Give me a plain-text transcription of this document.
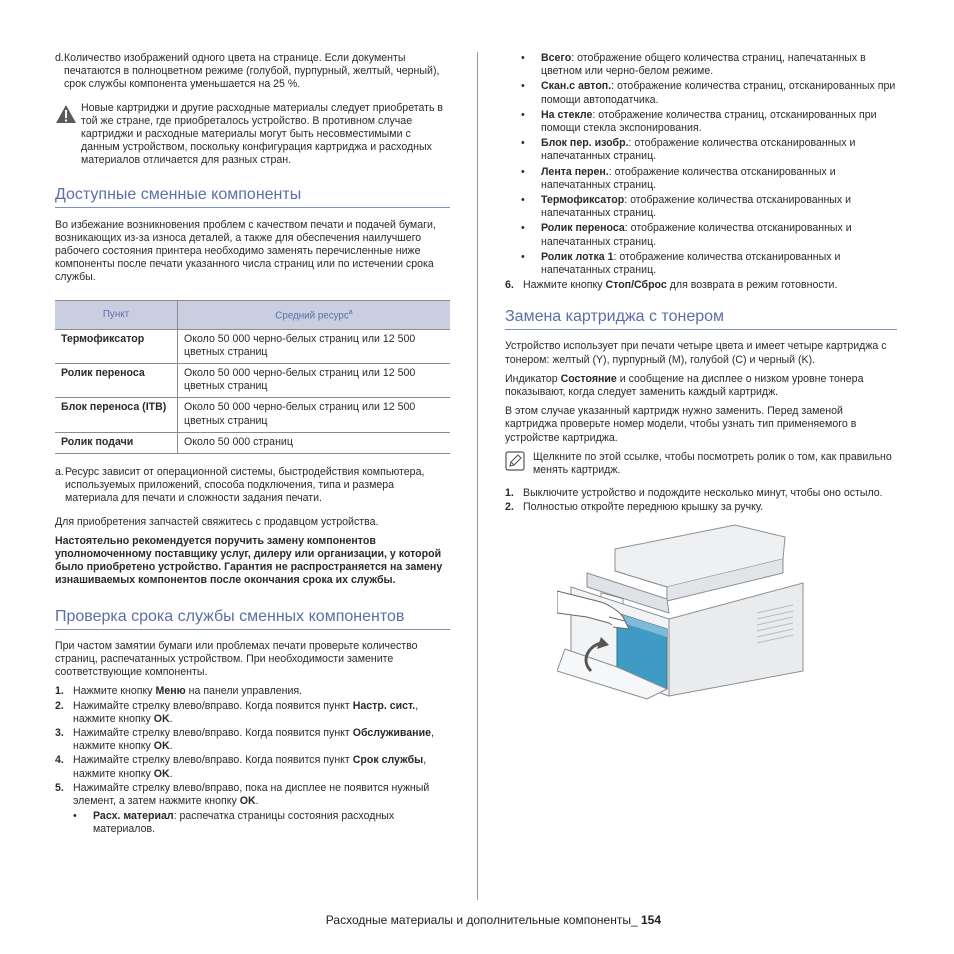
d. Количество изображений одного цвета на странице. Если документы печатаются в полноцветном режиме (голубой, пурпурный, желтый, черный), срок службы компонента уменьшается на 25 %.

Новые картриджи и другие расходные материалы следует приобретать в той же стране, где приобреталось устройство. В противном случае картриджи и расходные материалы могут быть несовместимыми с данным устройством, поскольку конфигурация картриджа и расходных материалов отличается для разных стран.

Доступные сменные компоненты

Во избежание возникновения проблем с качеством печати и подачей бумаги, возникающих из-за износа деталей, а также для обеспечения наилучшего рабочего состояния принтера необходимо заменять перечисленные ниже компоненты после печати указанного числа страниц или по истечении срока службы.

Пункт	Средний ресурс$^a$
Термофиксатор	Около 50 000 черно-белых страниц или 12 500 цветных страниц
Ролик переноса	Около 50 000 черно-белых страниц или 12 500 цветных страниц
Блок переноса (ITB)	Около 50 000 черно-белых страниц или 12 500 цветных страниц
Ролик подачи	Около 50 000 страниц
a. Ресурс зависит от операционной системы, быстродействия компьютера, используемых приложений, способа подключения, типа и размера материала для печати и сложности задания печати.

Для приобретения запчастей свяжитесь с продавцом устройства.

Настоятельно рекомендуется поручить замену компонентов уполномоченному поставщику услуг, дилеру или организации, у которой было приобретено устройство. Гарантия не распространяется на замену изнашиваемых компонентов после окончания срока их службы.

Проверка срока службы сменных компонентов

При частом замятии бумаги или проблемах печати проверьте количество страниц, распечатанных устройством. При необходимости замените соответствующие компоненты.

1. Нажмите кнопку Меню на панели управления.
2. Нажимайте стрелку влево/вправо. Когда появится пункт Настр. сист., нажмите кнопку OK.
3. Нажимайте стрелку влево/вправо. Когда появится пункт Обслуживание, нажмите кнопку OK.
4. Нажимайте стрелку влево/вправо. Когда появится пункт Срок службы, нажмите кнопку OK.
5. Нажимайте стрелку влево/вправо, пока на дисплее не появится нужный элемент, а затем нажмите кнопку OK.
•	Расх. материал: распечатка страницы состояния расходных материалов.
•	Всего: отображение общего количества страниц, напечатанных в цветном или черно-белом режиме.
•	Скан.с автоп.: отображение количества страниц, отсканированных при помощи автоподатчика.
•	На стекле: отображение количества страниц, отсканированных при помощи стекла экспонирования.
•	Блок пер. изобр.: отображение количества отсканированных и напечатанных страниц.
•	Лента перен.: отображение количества отсканированных и напечатанных страниц.
•	Термофиксатор: отображение количества отсканированных и напечатанных страниц.
•	Ролик переноса: отображение количества отсканированных и напечатанных страниц.
•	Ролик лотка 1: отображение количества отсканированных и напечатанных страниц.
6. Нажмите кнопку Стоп/Сброс для возврата в режим готовности.
Замена картриджа с тонером

Устройство использует при печати четыре цвета и имеет четыре картриджа с тонером: желтый (Y), пурпурный (M), голубой (C) и черный (K).

Индикатор Состояние и сообщение на дисплее о низком уровне тонера показывают, когда следует заменить каждый картридж.

В этом случае указанный картридж нужно заменить. Перед заменой картриджа проверьте номер модели, чтобы узнать тип применяемого в устройстве картриджа.

Щелкните по этой ссылке, чтобы посмотреть ролик о том, как правильно менять картридж.

1. Выключите устройство и подождите несколько минут, чтобы оно остыло.
2. Полностью откройте переднюю крышку за ручку.
Расходные материалы и дополнительные компоненты_ 154
